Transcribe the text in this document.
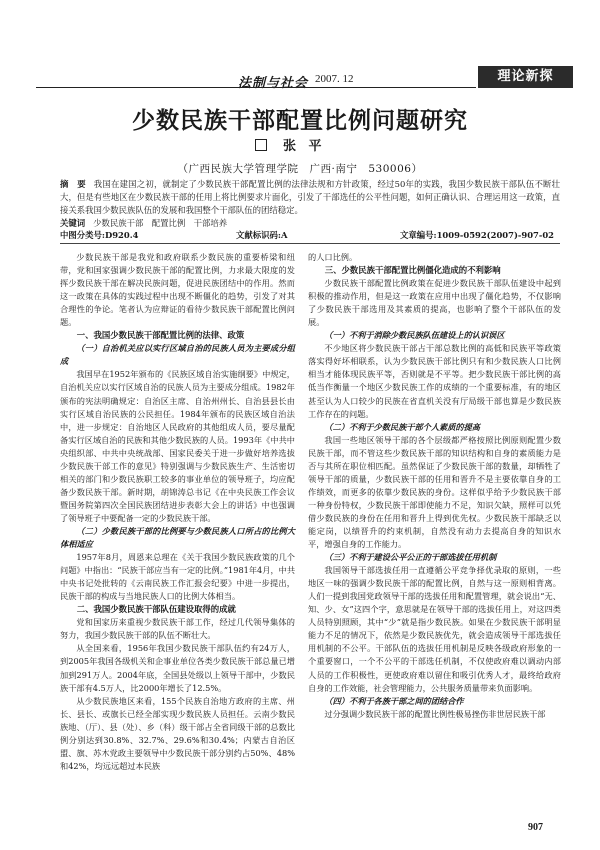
法制与社会 2007. 12	理论新探
少数民族干部配置比例问题研究
张 平
（广西民族大学管理学院　广西·南宁　530006）
摘　要 我国在建国之初，就制定了少数民族干部配置比例的法律法规和方针政策，经过50年的实践，我国少数民族干部队伍不断壮大，但是有些地区在少数民族干部的任用上将比例要求片面化，引发了干部选任的公平性问题，如何正确认识、合理运用这一政策，直接关系我国少数民族队伍的发展和我国整个干部队伍的团结稳定。
关键词 少数民族干部　配置比例　干部培养
中图分类号:D920.4	文献标识码:A	文章编号:1009-0592(2007)-907-02

少数民族干部是我党和政府联系少数民族的重要桥梁和纽带，党和国家强调少数民族干部的配置比例，力求最大限度的发挥少数民族干部在解决民族问题，促进民族团结中的作用。然而这一政策在具体的实践过程中出现不断僵化的趋势，引发了对其合理性的争论。笔者认为应辩证的看待少数民族干部配置比例问题。

一、我国少数民族干部配置比例的法律、政策
（一）自治机关应以实行区域自治的民族人员为主要成分组成

我国早在1952年颁布的《民族区域自治实施纲要》中规定，自治机关应以实行区域自治的民族人员为主要成分组成。1982年颁布的宪法明确规定：自治区主席、自治州州长、自治县县长由实行区域自治民族的公民担任。1984年颁布的民族区域自治法中，进一步规定：自治地区人民政府的其他组成人员，要尽量配备实行区域自治的民族和其他少数民族的人员。1993年《中共中央组织部、中共中央统战部、国家民委关于进一步做好培养选拔少数民族干部工作的意见》特别强调与少数民族生产、生活密切相关的部门和少数民族职工较多的事业单位的领导班子，均应配备少数民族干部。新时期，胡锦涛总书记《在中央民族工作会议暨国务院第四次全国民族团结进步表彰大会上的讲话》中也强调了领导班子中要配备一定的少数民族干部。

（二）少数民族干部的比例要与少数民族人口所占的比例大体相适应

1957年8月，周恩来总理在《关于我国少数民族政策的几个问题》中指出：“民族干部应当有一定的比例。”1981年4月，中共中央书记处批转的《云南民族工作汇报会纪要》中进一步提出，民族干部的构成与当地民族人口的比例大体相当。

二、我国少数民族干部队伍建设取得的成就

党和国家历来重视少数民族干部工作，经过几代领导集体的努力，我国少数民族干部的队伍不断壮大。

从全国来看，1956年我国少数民族干部队伍约有24万人，到2005年我国各级机关和企事业单位各类少数民族干部总量已增加到291万人。2004年底，全国县处级以上领导干部中，少数民族干部有4.5万人，比2000年增长了12.5%。

从少数民族地区来看，155个民族自治地方政府的主席、州长、县长、或旗长已经全部实现少数民族人员担任。云南少数民族地、（厅）、县（处）、乡（科）级干部占全省同级干部的总数比例分别达到30.8%、32.7%、29.6%和30.4%；内蒙古自治区盟、旗、苏木党政主要领导中少数民族干部分别约占50%、48%和42%，均远远超过本民族

的人口比例。

三、少数民族干部配置比例僵化造成的不利影响

少数民族干部配置比例政策在促进少数民族干部队伍建设中起到积极的推动作用，但是这一政策在应用中出现了僵化趋势，不仅影响了少数民族干部选用及其素质的提高，也影响了整个干部队伍的发展。

（一）不利于消除少数民族队伍建设上的认识误区

不少地区将少数民族干部占干部总数比例的高低和民族平等政策落实得好坏相联系，认为少数民族干部比例只有和少数民族人口比例相当才能体现民族平等，否则就是不平等。把少数民族干部比例的高低当作衡量一个地区少数民族工作的成绩的一个重要标准，有的地区甚至认为人口较少的民族在省直机关没有厅局级干部也算是少数民族工作存在的问题。

（二）不利于少数民族干部个人素质的提高

我国一些地区领导干部的各个层级都严格按照比例原则配置少数民族干部，而不管这些少数民族干部的知识结构和自身的素质能力是否与其所在职位相匹配。虽然保证了少数民族干部的数量，却牺牲了领导干部的质量，少数民族干部的任用和晋升不是主要依靠自身的工作绩效，而更多的依靠少数民族的身份。这样似乎给予少数民族干部一种身份特权，少数民族干部即使能力不足，知识欠缺，照样可以凭借少数民族的身份在任用和晋升上得到优先权。少数民族干部缺乏以能定岗，以绩晋升的约束机制，自然没有动力去提高自身的知识水平，增强自身的工作能力。

（三）不利于建设公平公正的干部选拔任用机制

我国领导干部选拔任用一直遵循公平竞争择优录取的原则，一些地区一味的强调少数民族干部的配置比例，自然与这一原则相背离。人们一提到我国党政领导干部的选拔任用和配置管理，就会说出“无、知、少、女”这四个字，意思就是在领导干部的选拔任用上，对这四类人员特别照顾，其中“少”就是指少数民族。如果在少数民族干部明显能力不足的情况下，依然是少数民族优先，就会造成领导干部选拔任用机制的不公平。干部队伍的选拔任用机制是反映各级政府形象的一个重要窗口，一个不公平的干部选任机制，不仅使政府难以调动内部人员的工作积极性，更使政府难以留住和吸引优秀人才，最终给政府自身的工作效能，社会管理能力，公共服务质量带来负面影响。

（四）不利于各族干部之间的团结合作

过分强调少数民族干部的配置比例性极易挫伤非世居民族干部

907
